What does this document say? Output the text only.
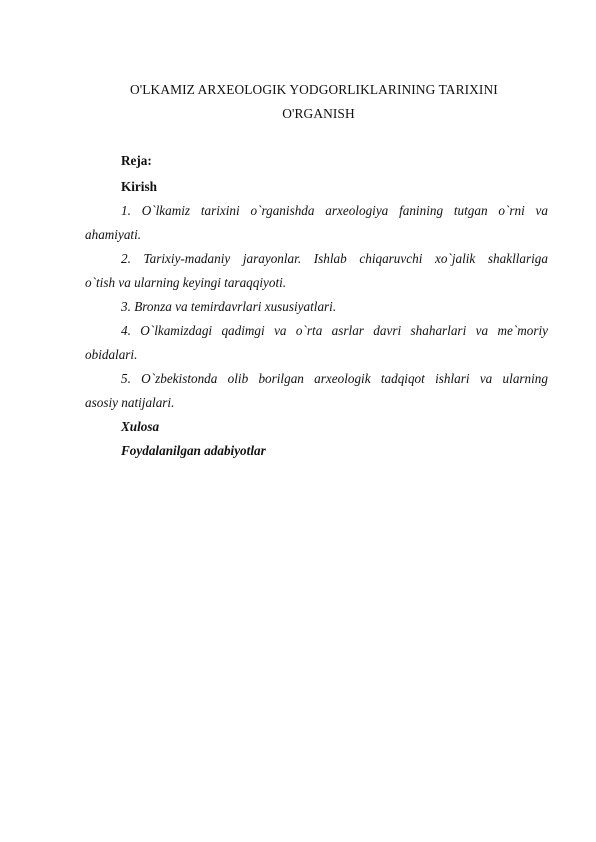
O'LKAMIZ ARXEOLOGIK YODGORLIKLARINING TARIXINI
O'RGANISH
Reja:
Kirish
1. O`lkamiz tarixini o`rganishda arxeologiya fanining tutgan o`rni va
ahamiyati.
2. Tarixiy-madaniy jarayonlar. Ishlab chiqaruvchi xo`jalik shakllariga
o`tish va ularning keyingi taraqqiyoti.
3. Bronza va temirdavrlari xususiyatlari.
4. O`lkamizdagi qadimgi va o`rta asrlar davri shaharlari va me`moriy
obidalari.
5. O`zbekistonda olib borilgan arxeologik tadqiqot ishlari va ularning
asosiy natijalari.
Xulosa
Foydalanilgan adabiyotlar
